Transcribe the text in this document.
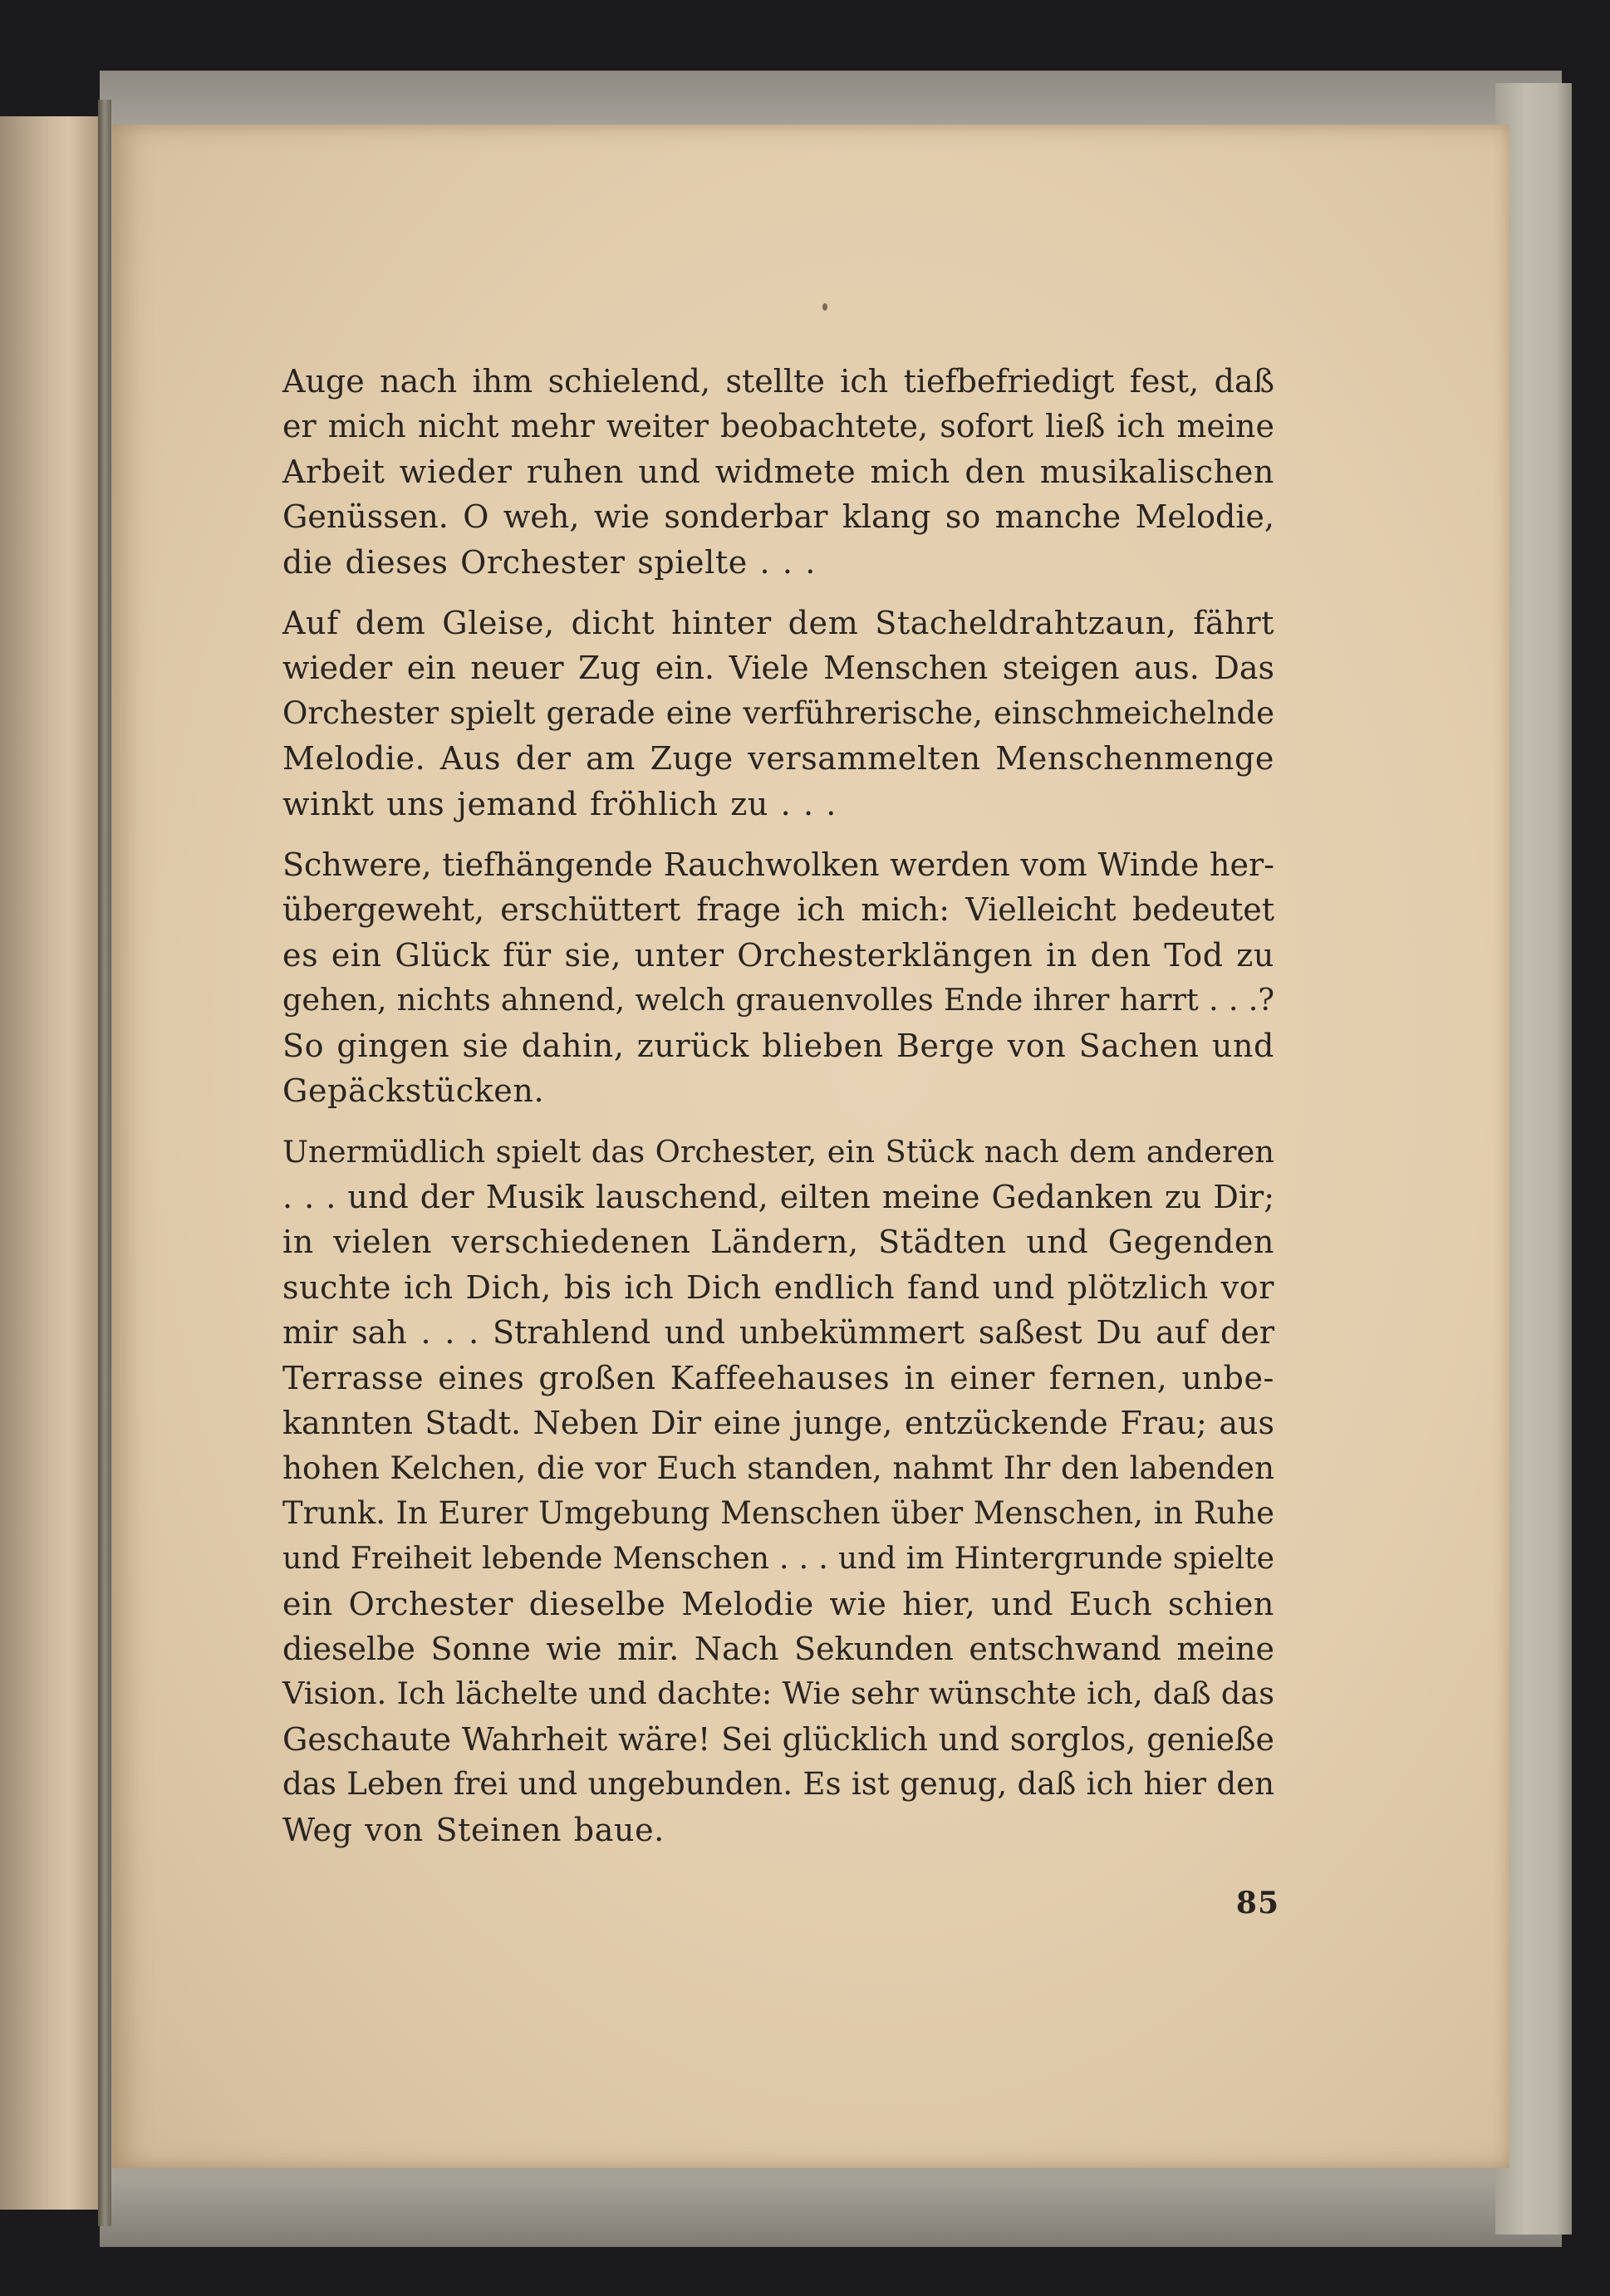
Auge nach ihm schielend, stellte ich tiefbefriedigt fest, daß
er mich nicht mehr weiter beobachtete, sofort ließ ich meine
Arbeit wieder ruhen und widmete mich den musikalischen
Genüssen. O weh, wie sonderbar klang so manche Melodie,
die dieses Orchester spielte . . .
Auf dem Gleise, dicht hinter dem Stacheldrahtzaun, fährt
wieder ein neuer Zug ein. Viele Menschen steigen aus. Das
Orchester spielt gerade eine verführerische, einschmeichelnde
Melodie. Aus der am Zuge versammelten Menschenmenge
winkt uns jemand fröhlich zu . . .
Schwere, tiefhängende Rauchwolken werden vom Winde her-
übergeweht, erschüttert frage ich mich: Vielleicht bedeutet
es ein Glück für sie, unter Orchesterklängen in den Tod zu
gehen, nichts ahnend, welch grauenvolles Ende ihrer harrt . . .?
So gingen sie dahin, zurück blieben Berge von Sachen und
Gepäckstücken.
Unermüdlich spielt das Orchester, ein Stück nach dem anderen
. . . und der Musik lauschend, eilten meine Gedanken zu Dir;
in vielen verschiedenen Ländern, Städten und Gegenden
suchte ich Dich, bis ich Dich endlich fand und plötzlich vor
mir sah . . . Strahlend und unbekümmert saßest Du auf der
Terrasse eines großen Kaffeehauses in einer fernen, unbe-
kannten Stadt. Neben Dir eine junge, entzückende Frau; aus
hohen Kelchen, die vor Euch standen, nahmt Ihr den labenden
Trunk. In Eurer Umgebung Menschen über Menschen, in Ruhe
und Freiheit lebende Menschen . . . und im Hintergrunde spielte
ein Orchester dieselbe Melodie wie hier, und Euch schien
dieselbe Sonne wie mir. Nach Sekunden entschwand meine
Vision. Ich lächelte und dachte: Wie sehr wünschte ich, daß das
Geschaute Wahrheit wäre! Sei glücklich und sorglos, genieße
das Leben frei und ungebunden. Es ist genug, daß ich hier den
Weg von Steinen baue.
85
